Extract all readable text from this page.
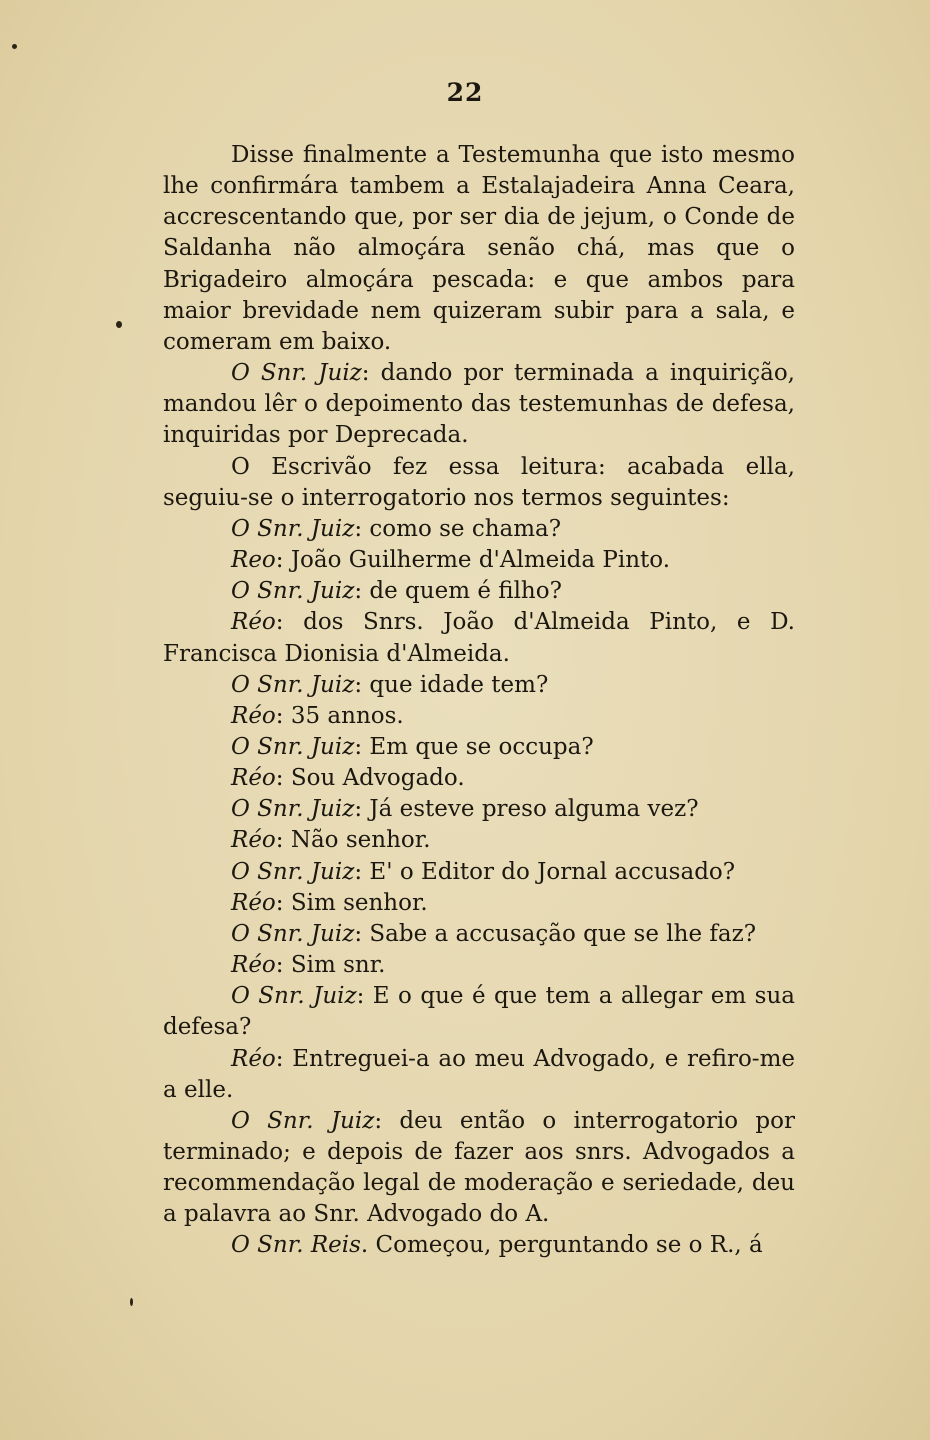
22

Disse finalmente a Testemunha que isto mesmo lhe confirmára tambem a Estalajadeira Anna Ceara, accrescentando que, por ser dia de jejum, o Conde de Saldanha não almoçára senão chá, mas que o Brigadeiro almoçára pescada: e que ambos para maior brevidade nem quizeram subir para a sala, e comeram em baixo.

O Snr. Juiz: dando por terminada a inquirição, mandou lêr o depoimento das testemunhas de defesa, inquiridas por Deprecada.

O Escrivão fez essa leitura: acabada ella, seguiu-se o interrogatorio nos termos seguintes:

O Snr. Juiz: como se chama?

Reo: João Guilherme d'Almeida Pinto.

O Snr. Juiz: de quem é filho?

Réo: dos Snrs. João d'Almeida Pinto, e D. Francisca Dionisia d'Almeida.

O Snr. Juiz: que idade tem?

Réo: 35 annos.

O Snr. Juiz: Em que se occupa?

Réo: Sou Advogado.

O Snr. Juiz: Já esteve preso alguma vez?

Réo: Não senhor.

O Snr. Juiz: E' o Editor do Jornal accusado?

Réo: Sim senhor.

O Snr. Juiz: Sabe a accusação que se lhe faz?

Réo: Sim snr.

O Snr. Juiz: E o que é que tem a allegar em sua defesa?

Réo: Entreguei-a ao meu Advogado, e refiro-me a elle.

O Snr. Juiz: deu então o interrogatorio por terminado; e depois de fazer aos snrs. Advogados a recommendação legal de moderação e seriedade, deu a palavra ao Snr. Advogado do A.

O Snr. Reis. Começou, perguntando se o R., á
